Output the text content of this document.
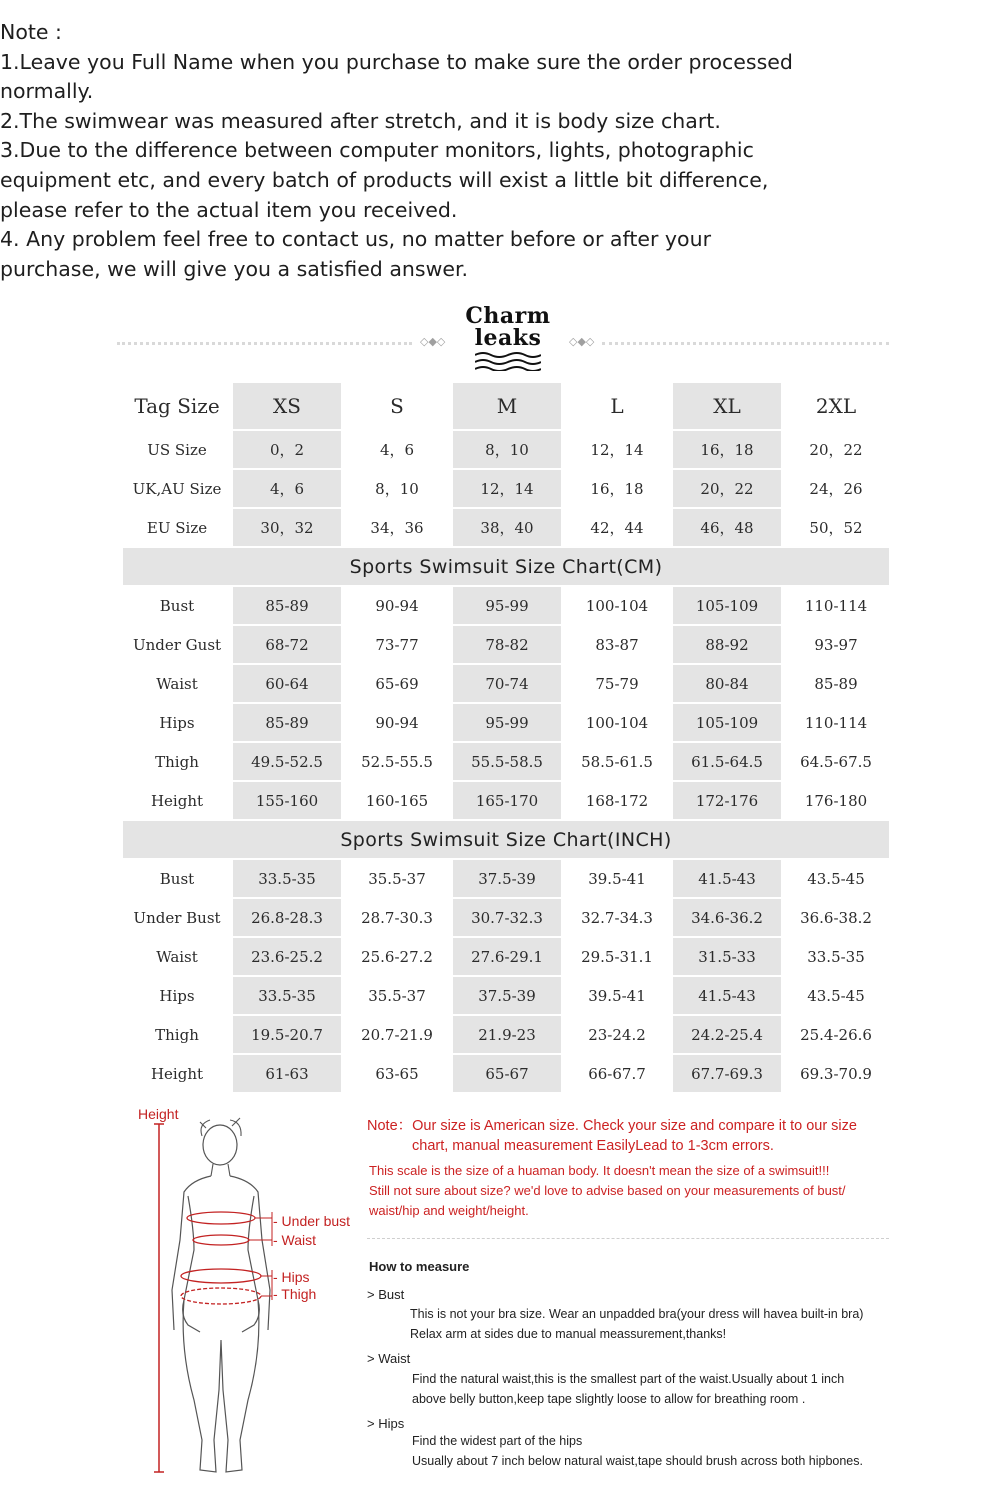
Note :
1.Leave you Full Name when you purchase to make sure the order processed normally.
2.The swimwear was measured after stretch, and it is body size chart.
3.Due to the difference between computer monitors, lights, photographic equipment etc, and every batch of products will exist a little bit difference, please refer to the actual item you received.
4. Any problem feel free to contact us, no matter before or after your purchase, we will give you a satisfied answer.
◇◆◇
Charm
leaks	◇◆◇
Tag Size	XS	S	M	L	XL	2XL
US Size	0，2	4，6	8，10	12，14	16，18	20，22
UK,AU Size	4，6	8，10	12，14	16，18	20，22	24，26
EU Size	30，32	34，36	38，40	42，44	46，48	50，52
Sports Swimsuit Size Chart(CM)						
Bust	85-89	90-94	95-99	100-104	105-109	110-114
Under Gust	68-72	73-77	78-82	83-87	88-92	93-97
Waist	60-64	65-69	70-74	75-79	80-84	85-89
Hips	85-89	90-94	95-99	100-104	105-109	110-114
Thigh	49.5-52.5	52.5-55.5	55.5-58.5	58.5-61.5	61.5-64.5	64.5-67.5
Height	155-160	160-165	165-170	168-172	172-176	176-180
Sports Swimsuit Size Chart(INCH)						
Bust	33.5-35	35.5-37	37.5-39	39.5-41	41.5-43	43.5-45
Under Bust	26.8-28.3	28.7-30.3	30.7-32.3	32.7-34.3	34.6-36.2	36.6-38.2
Waist	23.6-25.2	25.6-27.2	27.6-29.1	29.5-31.1	31.5-33	33.5-35
Hips	33.5-35	35.5-37	37.5-39	39.5-41	41.5-43	43.5-45
Thigh	19.5-20.7	20.7-21.9	21.9-23	23-24.2	24.2-25.4	25.4-26.6
Height	61-63	63-65	65-67	66-67.7	67.7-69.3	69.3-70.9
Height
- Under bust
- Waist
- Hips
- Thigh
Note：Our size is American size. Check your size and compare it to our size
chart, manual measurement EasilyLead to 1-3cm errors.
This scale is the size of a huaman body. It doesn't mean the size of a swimsuit!!!
Still not sure about size? we'd love to advise based on your measurements of bust/
waist/hip and weight/height.
How to measure
> Bust
This is not your bra size. Wear an unpadded bra(your dress will havea built-in bra)
Relax arm at sides due to manual meassurement,thanks!
> Waist
Find the natural waist,this is the smallest part of the waist.Usually about 1 inch
above belly button,keep tape slightly loose to allow for breathing room .
> Hips
Find the widest part of the hips
Usually about 7 inch below natural waist,tape should brush across both hipbones.
